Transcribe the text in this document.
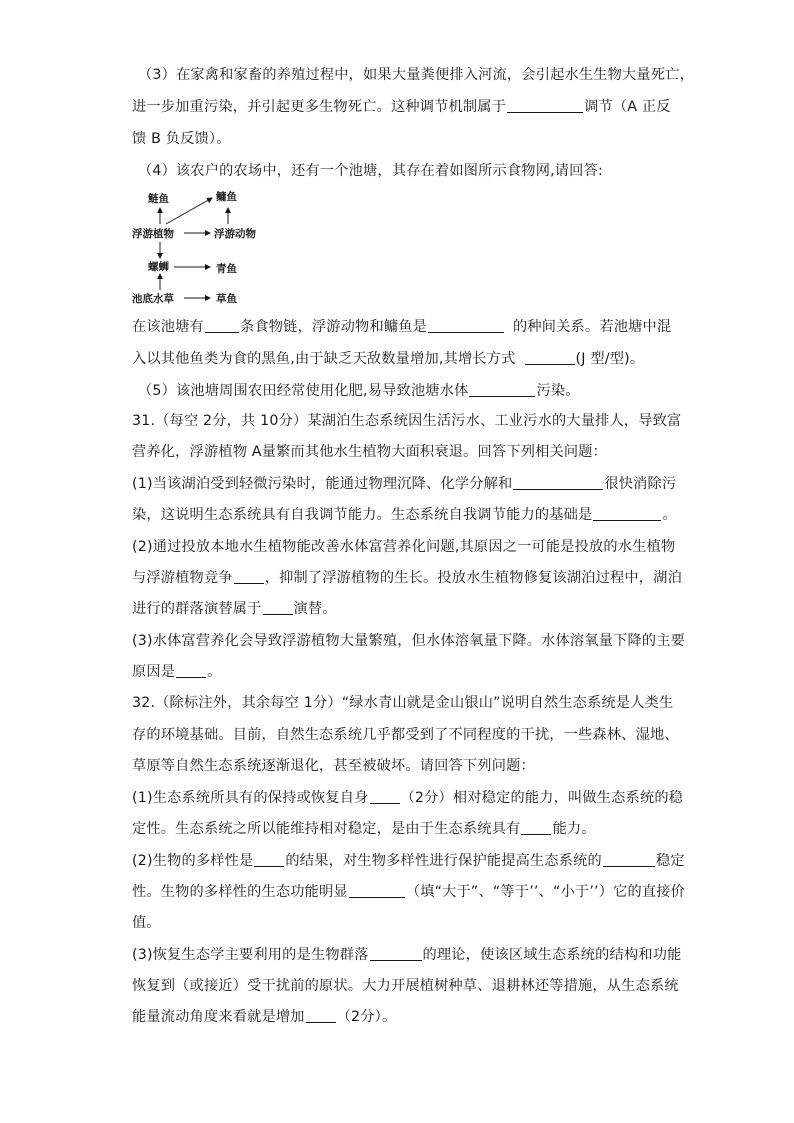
（3）在家禽和家畜的养殖过程中，如果大量粪便排入河流，会引起水生生物大量死亡，
进一步加重污染，并引起更多生物死亡。这种调节机制属于	调节（A 正反
馈 B 负反馈）。
（4）该农户的农场中，还有一个池塘，其存在着如图所示食物网,请回答:
鲢鱼	鳙鱼
浮游植物	浮游动物
螺蛳	青鱼
池底水草	草鱼
在该池塘有	条食物链，浮游动物和鳙鱼是	的种间关系。若池塘中混
入以其他鱼类为食的黑鱼,由于缺乏天敌数量增加,其增长方式	(J 型/型)。
（5）该池塘周围农田经常使用化肥,易导致池塘水体	污染。
31.（每空 2分，共 10分）某湖泊生态系统因生活污水、工业污水的大量排人，导致富
营养化，浮游植物 A量繁而其他水生植物大面积衰退。回答下列相关问题：
(1)当该湖泊受到轻微污染时，能通过物理沉降、化学分解和	很快消除污
染，这说明生态系统具有自我调节能力。生态系统自我调节能力的基础是	。
(2)通过投放本地水生植物能改善水体富营养化问题,其原因之一可能是投放的水生植物
与浮游植物竞争 ，抑制了浮游植物的生长。投放水生植物修复该湖泊过程中，湖泊
进行的群落演替属于 演替。
(3)水体富营养化会导致浮游植物大量繁殖，但水体溶氧量下降。水体溶氧量下降的主要
原因是 。
32.（除标注外，其余每空 1分）“绿水青山就是金山银山”说明自然生态系统是人类生
存的环境基础。目前，自然生态系统几乎都受到了不同程度的干扰，一些森林、湿地、
草原等自然生态系统逐渐退化，甚至被破坏。请回答下列问题：
(1)生态系统所具有的保持或恢复自身 （2分）相对稳定的能力，叫做生态系统的稳
定性。生态系统之所以能维持相对稳定，是由于生态系统具有 能力。
(2)生物的多样性是 的结果，对生物多样性进行保护能提高生态系统的	稳定
性。生物的多样性的生态功能明显	（填“大于”、“等于’’、“小于’’）它的直接价
值。
(3)恢复生态学主要利用的是生物群落	的理论，使该区域生态系统的结构和功能
恢复到（或接近）受干扰前的原状。大力开展植树种草、退耕林还等措施，从生态系统
能量流动角度来看就是增加 （2分）。
